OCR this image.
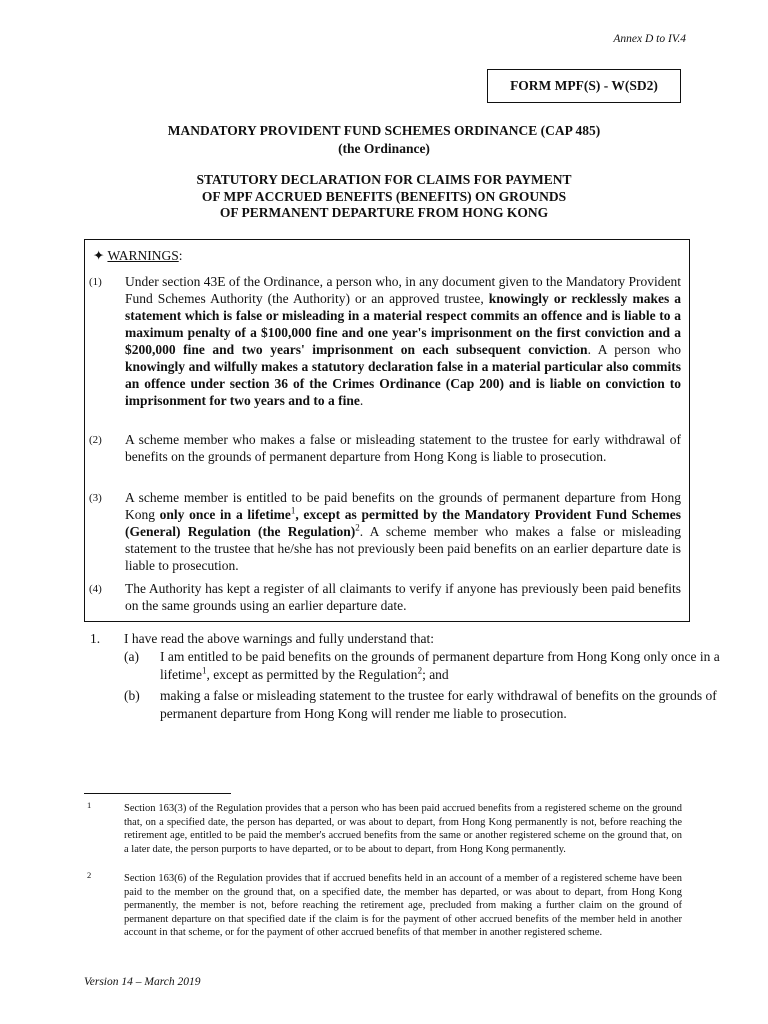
Annex D to IV.4
FORM MPF(S) - W(SD2)
MANDATORY PROVIDENT FUND SCHEMES ORDINANCE (CAP 485)
(the Ordinance)
STATUTORY DECLARATION FOR CLAIMS FOR PAYMENT
OF MPF ACCRUED BENEFITS (BENEFITS) ON GROUNDS
OF PERMANENT DEPARTURE FROM HONG KONG
✦ WARNINGS:
(1) Under section 43E of the Ordinance, a person who, in any document given to the Mandatory Provident Fund Schemes Authority (the Authority) or an approved trustee, knowingly or recklessly makes a statement which is false or misleading in a material respect commits an offence and is liable to a maximum penalty of a $100,000 fine and one year's imprisonment on the first conviction and a $200,000 fine and two years' imprisonment on each subsequent conviction. A person who knowingly and wilfully makes a statutory declaration false in a material particular also commits an offence under section 36 of the Crimes Ordinance (Cap 200) and is liable on conviction to imprisonment for two years and to a fine.

(2) A scheme member who makes a false or misleading statement to the trustee for early withdrawal of benefits on the grounds of permanent departure from Hong Kong is liable to prosecution.

(3) A scheme member is entitled to be paid benefits on the grounds of permanent departure from Hong Kong only once in a lifetime$^1$, except as permitted by the Mandatory Provident Fund Schemes (General) Regulation (the Regulation)$^2$. A scheme member who makes a false or misleading statement to the trustee that he/she has not previously been paid benefits on an earlier departure date is liable to prosecution.

(4) The Authority has kept a register of all claimants to verify if anyone has previously been paid benefits on the same grounds using an earlier departure date.

1. I have read the above warnings and fully understand that:
(a) I am entitled to be paid benefits on the grounds of permanent departure from Hong Kong only once in a lifetime$^1$, except as permitted by the Regulation$^2$; and
(b) making a false or misleading statement to the trustee for early withdrawal of benefits on the grounds of permanent departure from Hong Kong will render me liable to prosecution.
1	Section 163(3) of the Regulation provides that a person who has been paid accrued benefits from a registered scheme on the ground that, on a specified date, the person has departed, or was about to depart, from Hong Kong permanently is not, before reaching the retirement age, entitled to be paid the member's accrued benefits from the same or another registered scheme on the ground that, on a later date, the person purports to have departed, or to be about to depart, from Hong Kong permanently.
2	Section 163(6) of the Regulation provides that if accrued benefits held in an account of a member of a registered scheme have been paid to the member on the ground that, on a specified date, the member has departed, or was about to depart, from Hong Kong permanently, the member is not, before reaching the retirement age, precluded from making a further claim on the ground of permanent departure on that specified date if the claim is for the payment of other accrued benefits of the member held in another account in that scheme, or for the payment of other accrued benefits of that member in another registered scheme.
Version 14 – March 2019
